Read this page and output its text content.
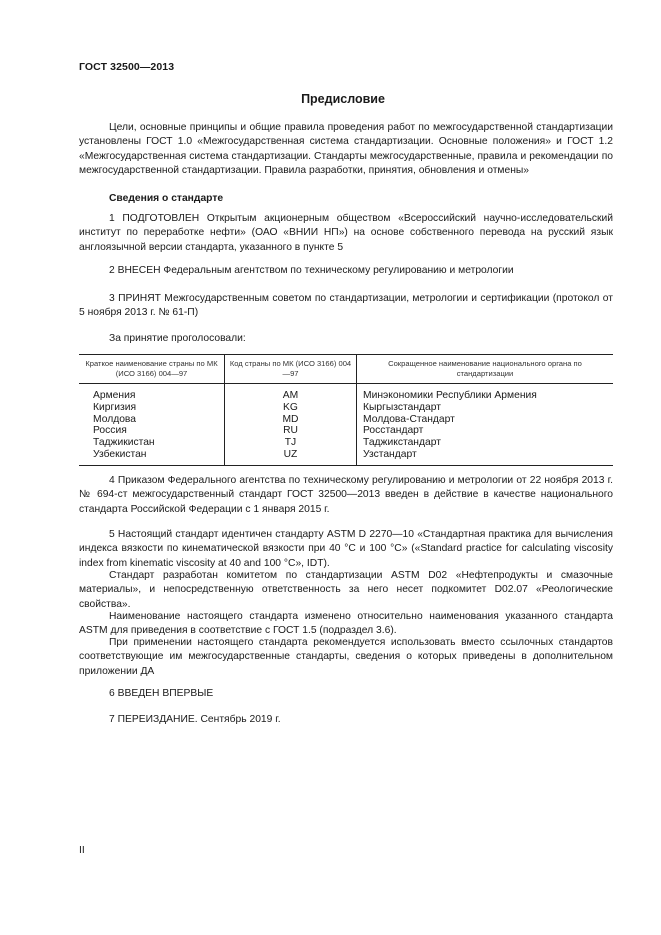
ГОСТ 32500—2013
Предисловие
Цели, основные принципы и общие правила проведения работ по межгосударственной стандартизации установлены ГОСТ 1.0 «Межгосударственная система стандартизации. Основные положения» и ГОСТ 1.2 «Межгосударственная система стандартизации. Стандарты межгосударственные, правила и рекомендации по межгосударственной стандартизации. Правила разработки, принятия, обновления и отмены»
Сведения о стандарте
1 ПОДГОТОВЛЕН Открытым акционерным обществом «Всероссийский научно-исследовательский институт по переработке нефти» (ОАО «ВНИИ НП») на основе собственного перевода на русский язык англоязычной версии стандарта, указанного в пункте 5
2 ВНЕСЕН Федеральным агентством по техническому регулированию и метрологии
3 ПРИНЯТ Межгосударственным советом по стандартизации, метрологии и сертификации (протокол от 5 ноября 2013 г. № 61-П)
За принятие проголосовали:
Краткое наименование страны по МК (ИСО 3166) 004—97	Код страны по МК (ИСО 3166) 004—97	Сокращенное наименование национального органа по стандартизации
Армения	AM	Минэкономики Республики Армения
Киргизия	KG	Кыргызстандарт
Молдова	MD	Молдова-Стандарт
Россия	RU	Росстандарт
Таджикистан	TJ	Таджикстандарт
Узбекистан	UZ	Узстандарт
4 Приказом Федерального агентства по техническому регулированию и метрологии от 22 ноября 2013 г. № 694-ст межгосударственный стандарт ГОСТ 32500—2013 введен в действие в качестве национального стандарта Российской Федерации с 1 января 2015 г.
5 Настоящий стандарт идентичен стандарту ASTM D 2270—10 «Стандартная практика для вычисления индекса вязкости по кинематической вязкости при 40 °С и 100 °С» («Standard practice for calculating viscosity index from kinematic viscosity at 40 and 100 °C», IDT).
Стандарт разработан комитетом по стандартизации ASTM D02 «Нефтепродукты и смазочные материалы», и непосредственную ответственность за него несет подкомитет D02.07 «Реологические свойства».
Наименование настоящего стандарта изменено относительно наименования указанного стандарта ASTM для приведения в соответствие с ГОСТ 1.5 (подраздел 3.6).
При применении настоящего стандарта рекомендуется использовать вместо ссылочных стандартов соответствующие им межгосударственные стандарты, сведения о которых приведены в дополнительном приложении ДА
6 ВВЕДЕН ВПЕРВЫЕ
7 ПЕРЕИЗДАНИЕ. Сентябрь 2019 г.
II
